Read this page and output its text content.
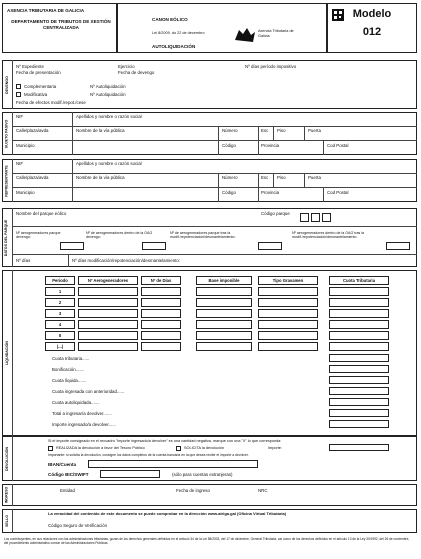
AXENCIA TRIBUTARIA DE GALICIA
DEPARTAMENTO DE TRIBUTOS DE XESTIÓN CENTRALIZADA
CANON EÓLICO
Lei 8/2009, do 22 de decembro
AUTOLIQUIDACIÓN
Axencia Tributaria de Galicia
Modelo
012
DEVENGO
Nº Expediente
Fecha de presentación
Ejercicio
Fecha de devengo
Nº días período impositivo
Complementaria	Nº Autoliquidación
Modificativa	Nº Autoliquidación
Fecha de efectos modif./repot./cese
SUJETO PASIVO
NIF	Apellidos y nombre o razón social
Calle/plaza/avda	Nombre de la vía pública	Número	Esc Piso	Puerta
Municipio	Código	Provincia	Cod Postal
REPRESENTANTE
NIF	Apellidos y nombre o razón social
Calle/plaza/avda	Nombre de la vía pública	Número	Esc Piso	Puerta
Municipio	Código	Provincia	Cod Postal
DATOS DEL PARQUE
Nombre del parque eólico	Código parque
Nº aerogeneradores parque devengo:
Nº de aerogeneradores dentro de la OAG devengo:
Nº de aerogeneradores parque tras la modif./repotenciación/desmantelamiento:
Nº aerogeneradores dentro de la OAG tras la modif./repotenciación/desmantelamiento
Nº días	Nº días modificación/repotenciación/desmantelamiento:
LIQUIDACIÓN
Periodo	Nº Aerogeneradores	Nº de Días	Base imponible	Tipo Gravamen	Cuota Tributaria
1
2
3
4
5
(...)
Cuota tributaria......
Bonificación.......
Cuota líquida.......
Cuota ingresada con anterioridad......
Cuota autoliquidada.......
Total a ingresar/a devolver.......
Importe ingresado/a devolver......
DEVOLUCIÓN
Si el importe consignado en el recuadro "importe ingresado/a devolver" es una cantidad negativa, marque con una "X" lo que corresponda:
REALIZADA la devolución a favor del Tesoro Público	SOLICITA la devolución	Importe:
Importante: si solicita la devolución, consigne los datos completos de la cuenta bancaria en la que desea recibir el importe a devolver.
IBAN/Cuenta
Código BIC/SWIFT	(sólo para cuentas extranjeras)
INGRESO	Entidad	Fecha de ingreso	NRC
SELLO
La veracidad del contenido de este documento se puede comprobar en la dirección www.atriga.gal (Oficina Virtual Tributaria)
Código Seguro de Verificación
Los contribuyentes, en sus relaciones con las administraciones tributarias, gozan de los derechos generales definidos en el artículo 34 de la Lei 58/2003, del 17 de diciembre, General Tributaria, así como de los derechos definidos en el artículo 13 de la Ley 30/1992, del 26 de noviembre, del procedimiento administrativo común de las Administraciones Públicas.
